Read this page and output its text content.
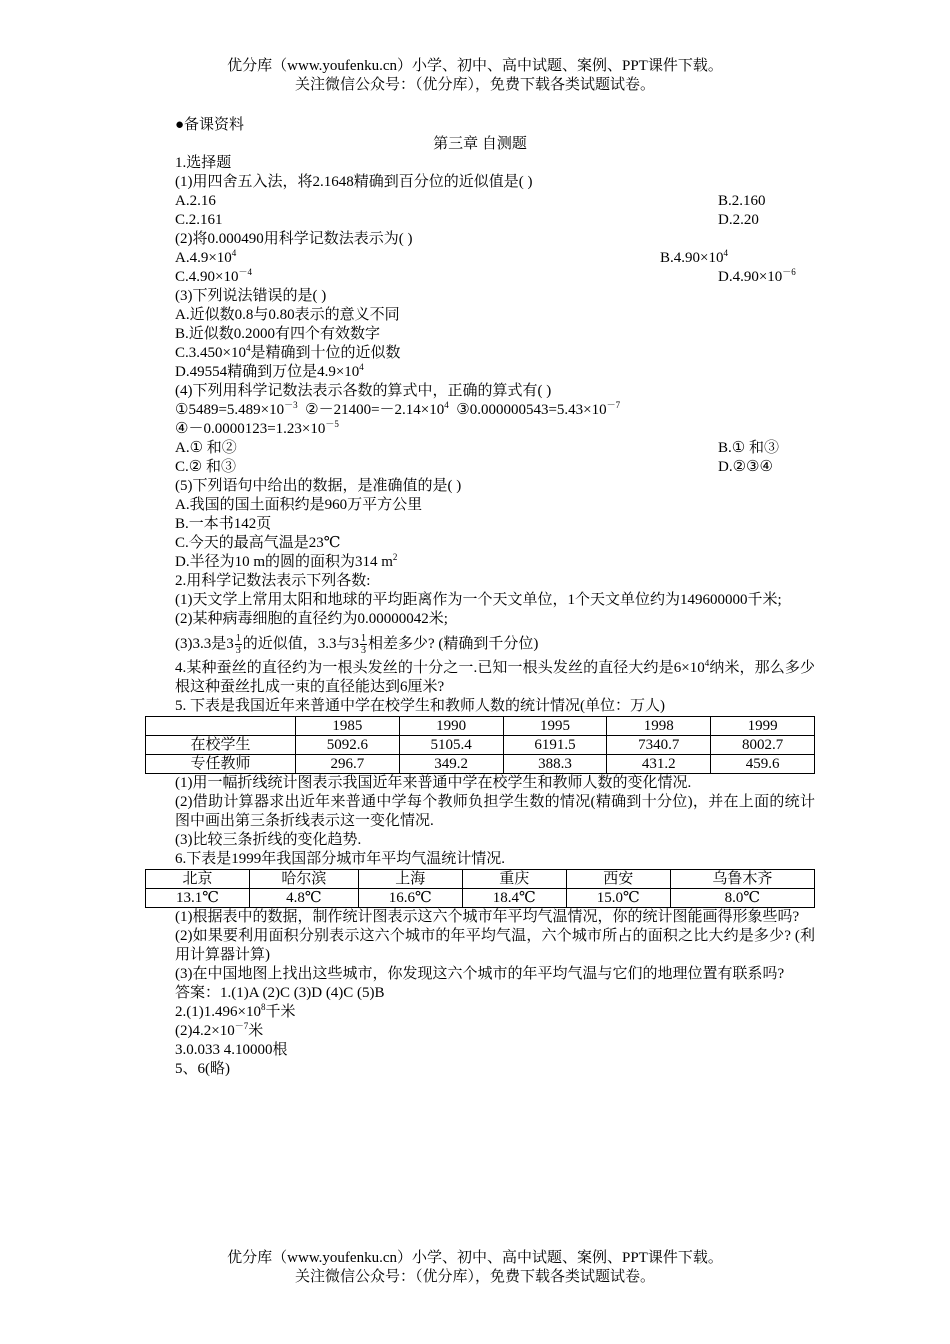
优分库（www.youfenku.cn）小学、初中、高中试题、案例、PPT课件下载。
关注微信公众号：（优分库），免费下载各类试题试卷。
●备课资料
第三章 自测题
1.选择题
(1)用四舍五入法，将2.1648精确到百分位的近似值是( )
A.2.16	B.2.160
C.2.161	D.2.20
(2)将0.000490用科学记数法表示为( )
$A.4.9\times 10^4$	$B.4.90\times 10^4$
$C.4.90\times 10^{-4}$	$D.4.90\times 10^{-6}$
(3)下列说法错误的是( )
A.近似数0.8与0.80表示的意义不同
B.近似数0.2000有四个有效数字
$C.3.450\times 10^4$是精确到十位的近似数
D.49554精确到万位是$4.9\times 10^4$
(4)下列用科学记数法表示各数的算式中，正确的算式有( )
$①5489=5.489\times 10^{-3}$  $②-21400=-2.14\times 10^4$  $③0.000000543=5.43\times 10^{-7}$
$④-0.0000123=1.23\times 10^{-5}$
A.① 和②	B.① 和③
C.② 和③	D.②③④
(5)下列语句中给出的数据，是准确值的是( )
A.我国的国土面积约是960万平方公里
B.一本书142页
C.今天的最高气温是23℃
D.半径为10 m的圆的面积为314 $m^2$
2.用科学记数法表示下列各数:
(1)天文学上常用太阳和地球的平均距离作为一个天文单位，1个天文单位约为149600000千米;
(2)某种病毒细胞的直径约为0.00000042米;
(3)3.3是$3 \frac{1}{3}$ 的近似值，3.3与$3 \frac{1}{3}$ 相差多少? (精确到千分位)
4.某种蚕丝的直径约为一根头发丝的十分之一.已知一根头发丝的直径大约是$6\times 10^4$纳米，那么多少根这种蚕丝扎成一束的直径能达到6厘米?
5. 下表是我国近年来普通中学在校学生和教师人数的统计情况(单位：万人)
	1985	1990	1995	1998	1999
在校学生	5092.6	5105.4	6191.5	7340.7	8002.7
专任教师	296.7	349.2	388.3	431.2	459.6
(1)用一幅折线统计图表示我国近年来普通中学在校学生和教师人数的变化情况.
(2)借助计算器求出近年来普通中学每个教师负担学生数的情况(精确到十分位)，并在上面的统计图中画出第三条折线表示这一变化情况.
(3)比较三条折线的变化趋势.
6.下表是1999年我国部分城市年平均气温统计情况.
北京	哈尔滨	上海	重庆	西安	乌鲁木齐
13.1℃	4.8℃	16.6℃	18.4℃	15.0℃	8.0℃
(1)根据表中的数据，制作统计图表示这六个城市年平均气温情况，你的统计图能画得形象些吗?
(2)如果要利用面积分别表示这六个城市的年平均气温，六个城市所占的面积之比大约是多少? (利用计算器计算)
(3)在中国地图上找出这些城市，你发现这六个城市的年平均气温与它们的地理位置有联系吗?
答案：1.(1)A (2)C (3)D (4)C (5)B
$2.(1)1.496\times 10^8$千米
$(2)4.2\times 10^{-7}$米
3.0.033 4.10000根
5、6(略)
优分库（www.youfenku.cn）小学、初中、高中试题、案例、PPT课件下载。
关注微信公众号：（优分库），免费下载各类试题试卷。
